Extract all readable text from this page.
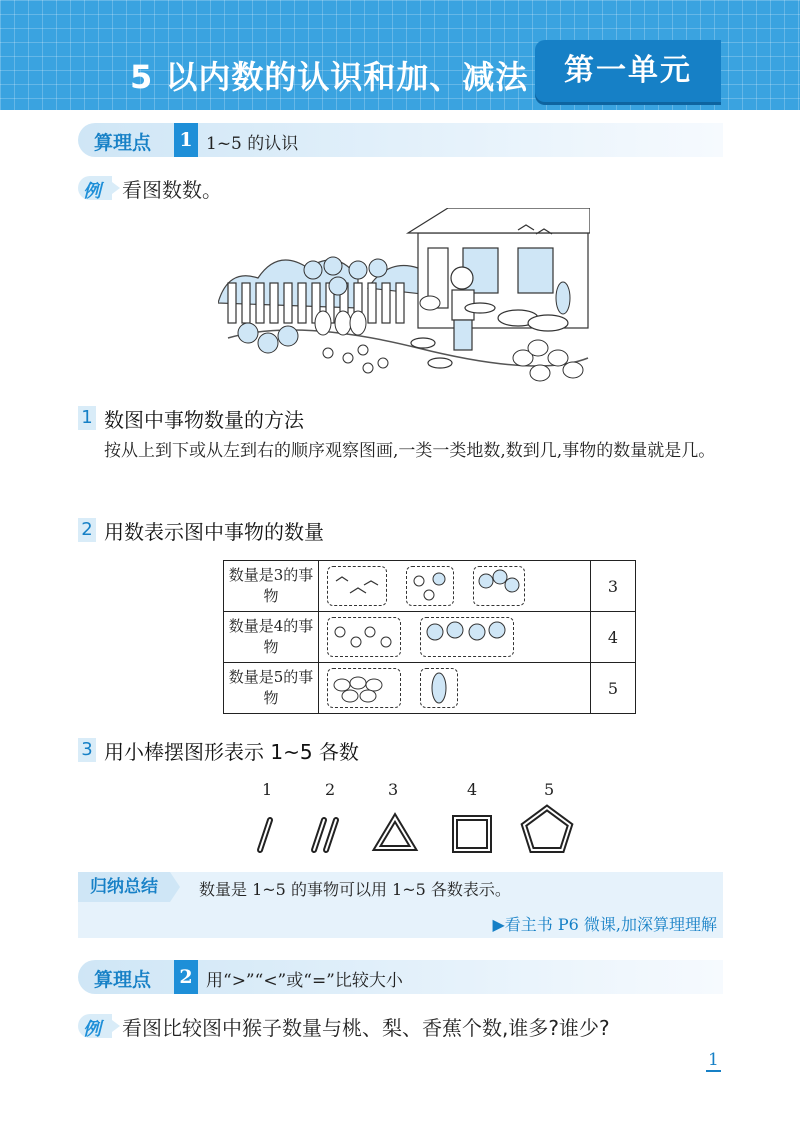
5 以内数的认识和加、减法	第一单元
算理点 1 1~5 的认识
例 看图数数。
1 数图中事物数量的方法
按从上到下或从左到右的顺序观察图画,一类一类地数,数到几,事物的数量就是几。
2 用数表示图中事物的数量
数量是3的事物		3
数量是4的事物		4
数量是5的事物		5
3 用小棒摆图形表示 1~5 各数
1	2	3	4	5
归纳总结	数量是 1~5 的事物可以用 1~5 各数表示。
▶看主书 P6 微课,加深算理理解
算理点 2 用“>”“<”或“=”比较大小
例 看图比较图中猴子数量与桃、梨、香蕉个数,谁多?谁少?
1
